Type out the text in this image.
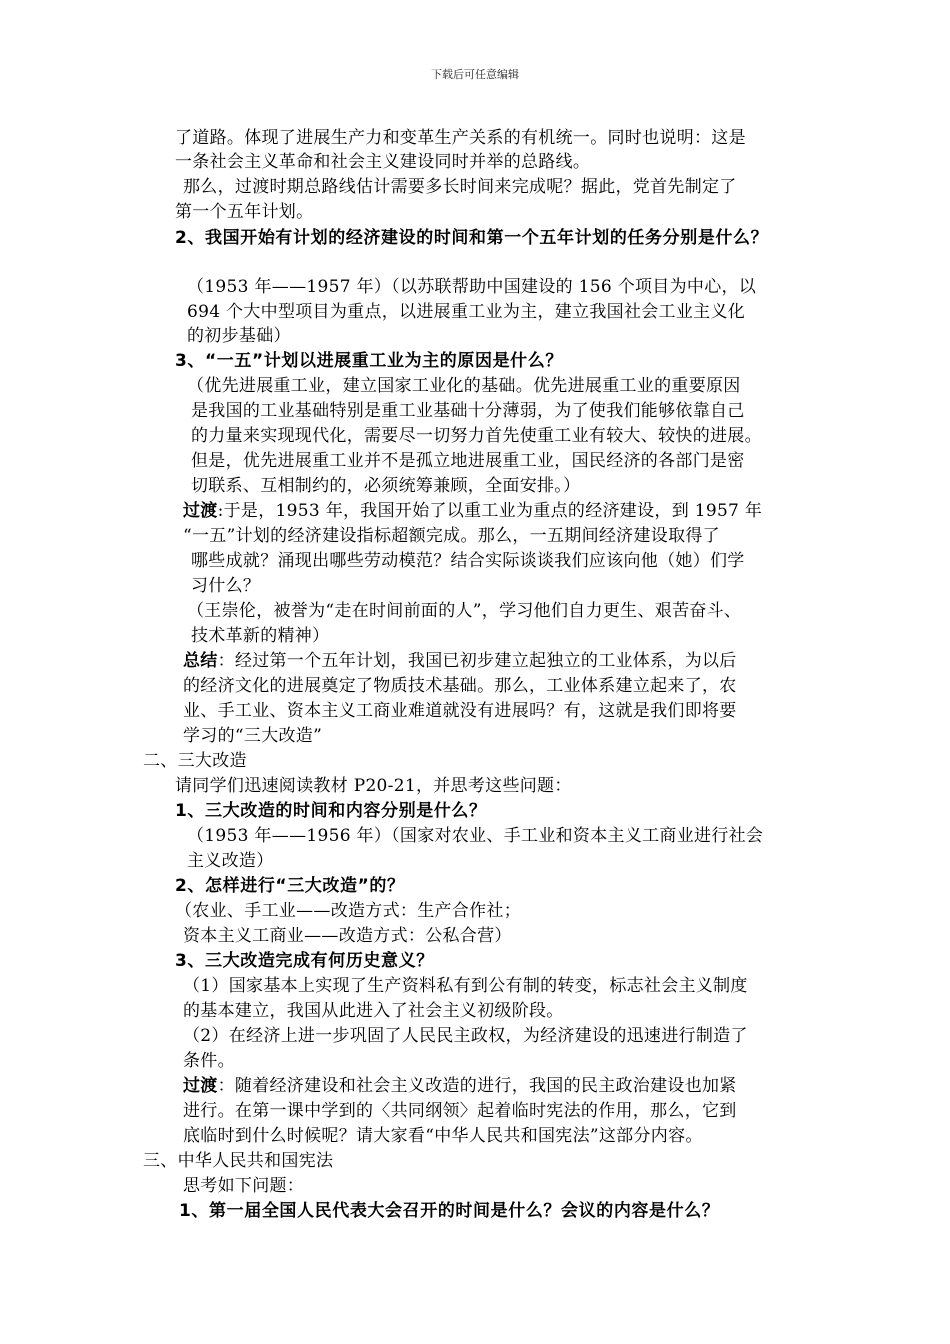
下载后可任意编辑
了道路。体现了进展生产力和变革生产关系的有机统一。同时也说明：这是
一条社会主义革命和社会主义建设同时并举的总路线。
那么，过渡时期总路线估计需要多长时间来完成呢？据此，党首先制定了
第一个五年计划。
2、我国开始有计划的经济建设的时间和第一个五年计划的任务分别是什么？
（1953 年——1957 年）（以苏联帮助中国建设的 156 个项目为中心，以
694 个大中型项目为重点，以进展重工业为主，建立我国社会工业主义化
的初步基础）
3、“一五”计划以进展重工业为主的原因是什么？
（优先进展重工业，建立国家工业化的基础。优先进展重工业的重要原因
是我国的工业基础特别是重工业基础十分薄弱，为了使我们能够依靠自己
的力量来实现现代化，需要尽一切努力首先使重工业有较大、较快的进展。
但是，优先进展重工业并不是孤立地进展重工业，国民经济的各部门是密
切联系、互相制约的，必须统筹兼顾，全面安排。）
过渡:于是，1953 年，我国开始了以重工业为重点的经济建设，到 1957 年
“一五”计划的经济建设指标超额完成。那么，一五期间经济建设取得了
哪些成就？涌现出哪些劳动模范？结合实际谈谈我们应该向他（她）们学
习什么？
（王崇伦，被誉为“走在时间前面的人”，学习他们自力更生、艰苦奋斗、
技术革新的精神）
总结：经过第一个五年计划，我国已初步建立起独立的工业体系，为以后
的经济文化的进展奠定了物质技术基础。那么，工业体系建立起来了，农
业、手工业、资本主义工商业难道就没有进展吗？有，这就是我们即将要
学习的“三大改造”
二、三大改造
请同学们迅速阅读教材 P20-21，并思考这些问题：
1、三大改造的时间和内容分别是什么？
（1953 年——1956 年）（国家对农业、手工业和资本主义工商业进行社会
主义改造）
2、怎样进行“三大改造”的？
（农业、手工业——改造方式：生产合作社；
资本主义工商业——改造方式：公私合营）
3、三大改造完成有何历史意义？
（1）国家基本上实现了生产资料私有到公有制的转变，标志社会主义制度
的基本建立，我国从此进入了社会主义初级阶段。
（2）在经济上进一步巩固了人民民主政权，为经济建设的迅速进行制造了
条件。
过渡：随着经济建设和社会主义改造的进行，我国的民主政治建设也加紧
进行。在第一课中学到的〈共同纲领〉起着临时宪法的作用，那么，它到
底临时到什么时候呢？请大家看“中华人民共和国宪法”这部分内容。
三、中华人民共和国宪法
思考如下问题：
1、第一届全国人民代表大会召开的时间是什么？会议的内容是什么？
